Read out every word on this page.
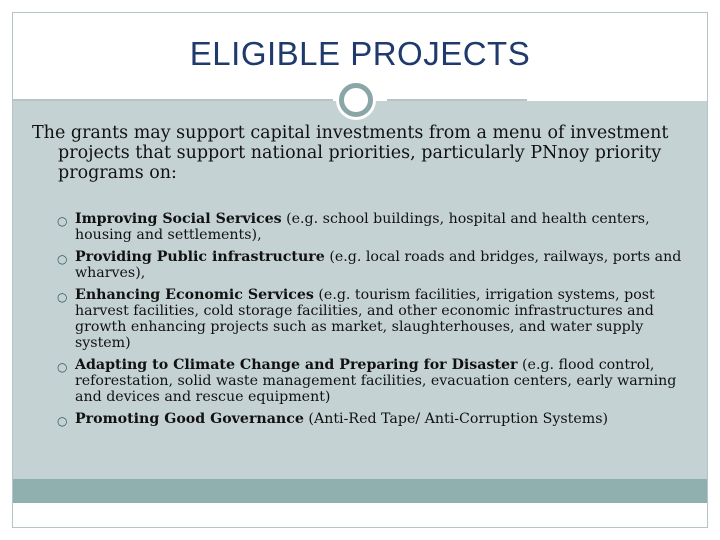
ELIGIBLE PROJECTS
The grants may support capital investments from a menu of investment projects that support national priorities, particularly PNnoy priority programs on:
○ Improving Social Services (e.g. school buildings, hospital and health centers, housing and settlements),
○ Providing Public infrastructure (e.g. local roads and bridges, railways, ports and wharves),
○ Enhancing Economic Services (e.g. tourism facilities, irrigation systems, post harvest facilities, cold storage facilities, and other economic infrastructures and growth enhancing projects such as market, slaughterhouses, and water supply system)
○ Adapting to Climate Change and Preparing for Disaster (e.g. flood control, reforestation, solid waste management facilities, evacuation centers, early warning and devices and rescue equipment)
○ Promoting Good Governance (Anti-Red Tape/ Anti-Corruption Systems)
